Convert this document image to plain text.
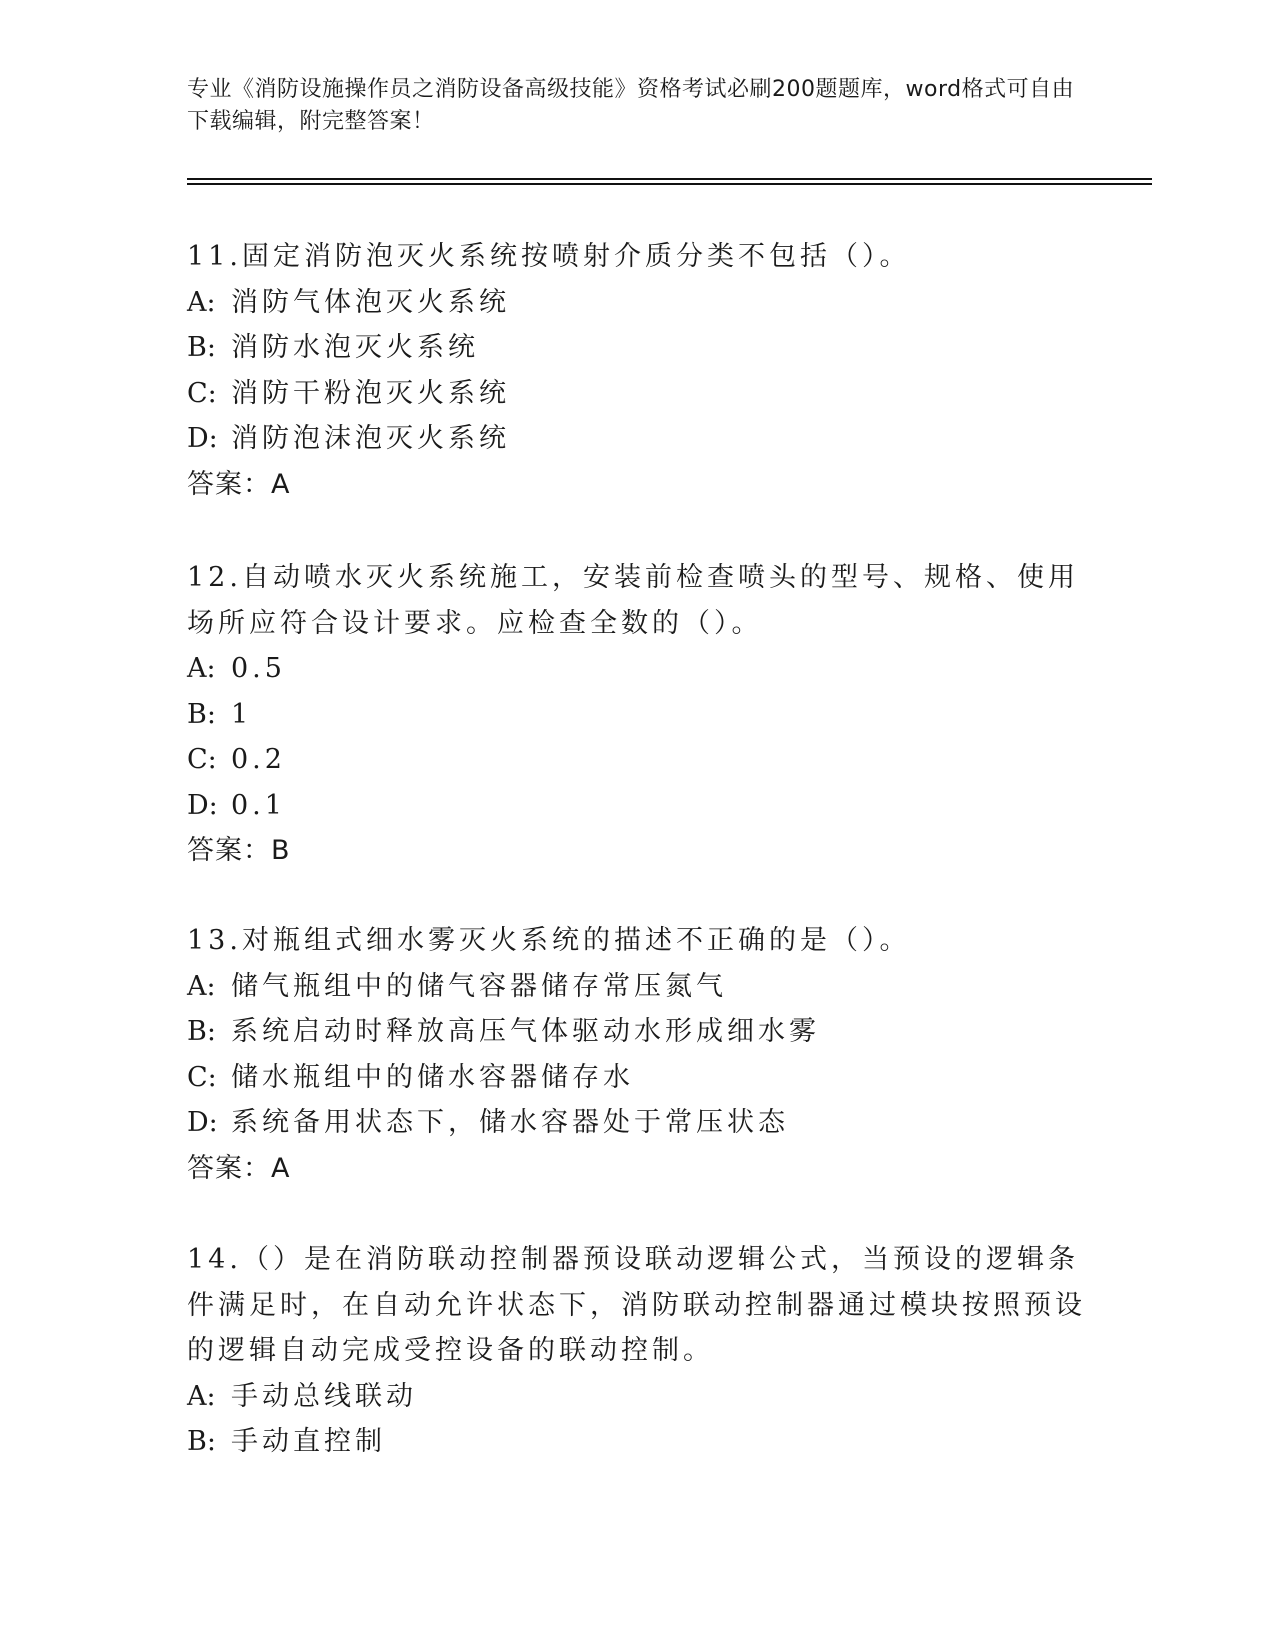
专业《消防设施操作员之消防设备高级技能》资格考试必刷200题题库，word格式可自由下载编辑，附完整答案！
11.固定消防泡灭火系统按喷射介质分类不包括（）。
A: 消防气体泡灭火系统
B: 消防水泡灭火系统
C: 消防干粉泡灭火系统
D: 消防泡沫泡灭火系统
答案：A
12.自动喷水灭火系统施工，安装前检查喷头的型号、规格、使用场所应符合设计要求。应检查全数的（）。
A: 0.5
B: 1
C: 0.2
D: 0.1
答案：B
13.对瓶组式细水雾灭火系统的描述不正确的是（）。
A: 储气瓶组中的储气容器储存常压氮气
B: 系统启动时释放高压气体驱动水形成细水雾
C: 储水瓶组中的储水容器储存水
D: 系统备用状态下，储水容器处于常压状态
答案：A
14.（）是在消防联动控制器预设联动逻辑公式，当预设的逻辑条件满足时，在自动允许状态下，消防联动控制器通过模块按照预设的逻辑自动完成受控设备的联动控制。
A: 手动总线联动
B: 手动直控制
